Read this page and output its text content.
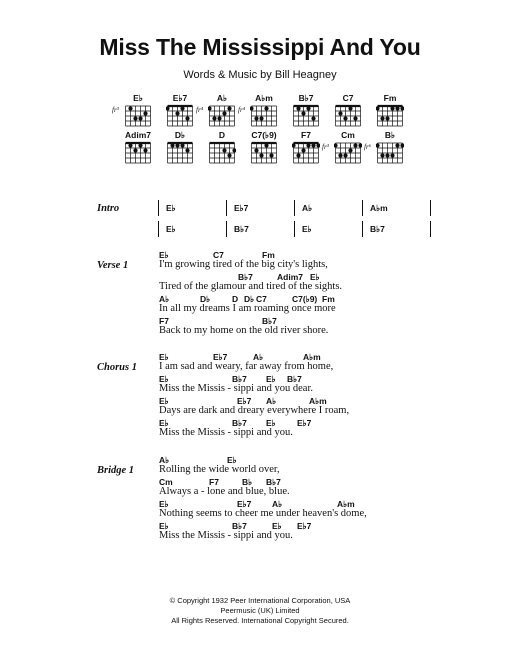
Miss The Mississippi And You
Words & Music by Bill Heagney
E♭
fr³
E♭7	A♭
fr⁴
A♭m
fr⁴
B♭7	C7	Fm
Adim7	D♭	D	C7(♭9)	F7	Cm
fr³
B♭
fr⁶
Intro	E♭	E♭7	A♭	A♭m
E♭	B♭7	E♭	B♭7
Verse 1
E♭	C7	Fm
I'm growing tired of the big city's lights,
B♭7	Adim7 E♭
Tired of the glamour and tired of the sights.
A♭	D♭	D D♭ C7	C7(♭9) Fm
In all my dreams I am roaming once more
F7	B♭7
Back to my home on the old river shore.
Chorus 1
E♭	E♭7	A♭	A♭m
I am sad and weary, far away from home,
E♭	B♭7 E♭ B♭7
Miss the Missis - sippi and you dear.
E♭	E♭7 A♭	A♭m
Days are dark and dreary everywhere I roam,
E♭	B♭7 E♭	E♭7
Miss the Missis - sippi and you.
Bridge 1
A♭	E♭
Rolling the wide world over,
Cm	F7	B♭ B♭7
Always a - lone and blue, blue.
E♭	E♭7 A♭	A♭m
Nothing seems to cheer me under heaven's dome,
E♭	B♭7	E♭ E♭7
Miss the Missis - sippi and you.
© Copyright 1932 Peer International Corporation, USA
Peermusic (UK) Limited
All Rights Reserved. International Copyright Secured.
